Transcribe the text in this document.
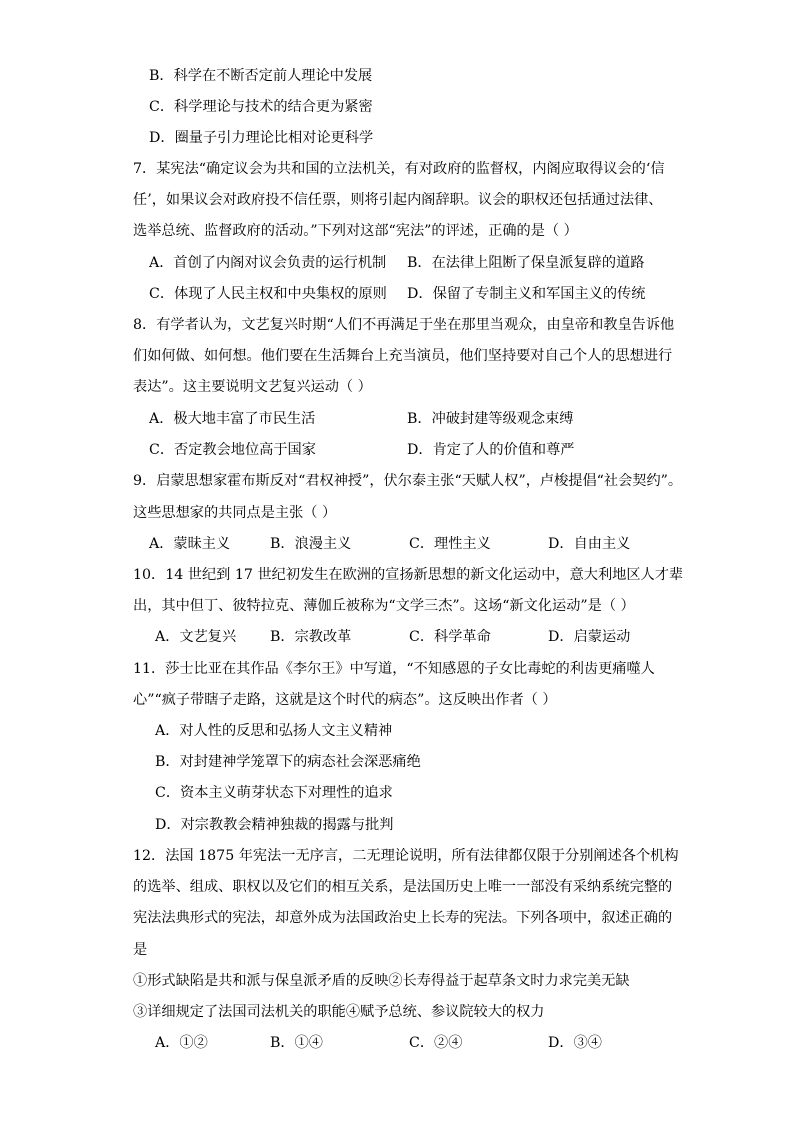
B．科学在不断否定前人理论中发展
C．科学理论与技术的结合更为紧密
D．圈量子引力理论比相对论更科学
7．某宪法“确定议会为共和国的立法机关，有对政府的监督权，内阁应取得议会的‘信
任’，如果议会对政府投不信任票，则将引起内阁辞职。议会的职权还包括通过法律、
选举总统、监督政府的活动。”下列对这部“宪法”的评述，正确的是（ ）
A．首创了内阁对议会负责的运行机制 B．在法律上阻断了保皇派复辟的道路
C．体现了人民主权和中央集权的原则 D．保留了专制主义和军国主义的传统
8．有学者认为，文艺复兴时期“人们不再满足于坐在那里当观众，由皇帝和教皇告诉他
们如何做、如何想。他们要在生活舞台上充当演员，他们坚持要对自己个人的思想进行
表达”。这主要说明文艺复兴运动（ ）
A．极大地丰富了市民生活	B．冲破封建等级观念束缚
C．否定教会地位高于国家	D．肯定了人的价值和尊严
9．启蒙思想家霍布斯反对“君权神授”，伏尔泰主张“天赋人权”，卢梭提倡“社会契约”。
这些思想家的共同点是主张（ ）
A．蒙昧主义	B．浪漫主义	C．理性主义	D．自由主义
10．14 世纪到 17 世纪初发生在欧洲的宣扬新思想的新文化运动中，意大利地区人才辈
出，其中但丁、彼特拉克、薄伽丘被称为“文学三杰”。这场“新文化运动”是（ ）
A．文艺复兴 B．宗教改革	C．科学革命	D．启蒙运动
11．莎士比亚在其作品《李尔王》中写道，“不知感恩的子女比毒蛇的利齿更痛噬人
心”“疯子带瞎子走路，这就是这个时代的病态”。这反映出作者（ ）
A．对人性的反思和弘扬人文主义精神
B．对封建神学笼罩下的病态社会深恶痛绝
C．资本主义萌芽状态下对理性的追求
D．对宗教教会精神独裁的揭露与批判
12．法国 1875 年宪法一无序言，二无理论说明，所有法律都仅限于分别阐述各个机构
的选举、组成、职权以及它们的相互关系，是法国历史上唯一一部没有采纳系统完整的
宪法法典形式的宪法，却意外成为法国政治史上长寿的宪法。下列各项中，叙述正确的
是
①形式缺陷是共和派与保皇派矛盾的反映②长寿得益于起草条文时力求完美无缺
③详细规定了法国司法机关的职能④赋予总统、参议院较大的权力
A．①②	B．①④	C．②④	D．③④
